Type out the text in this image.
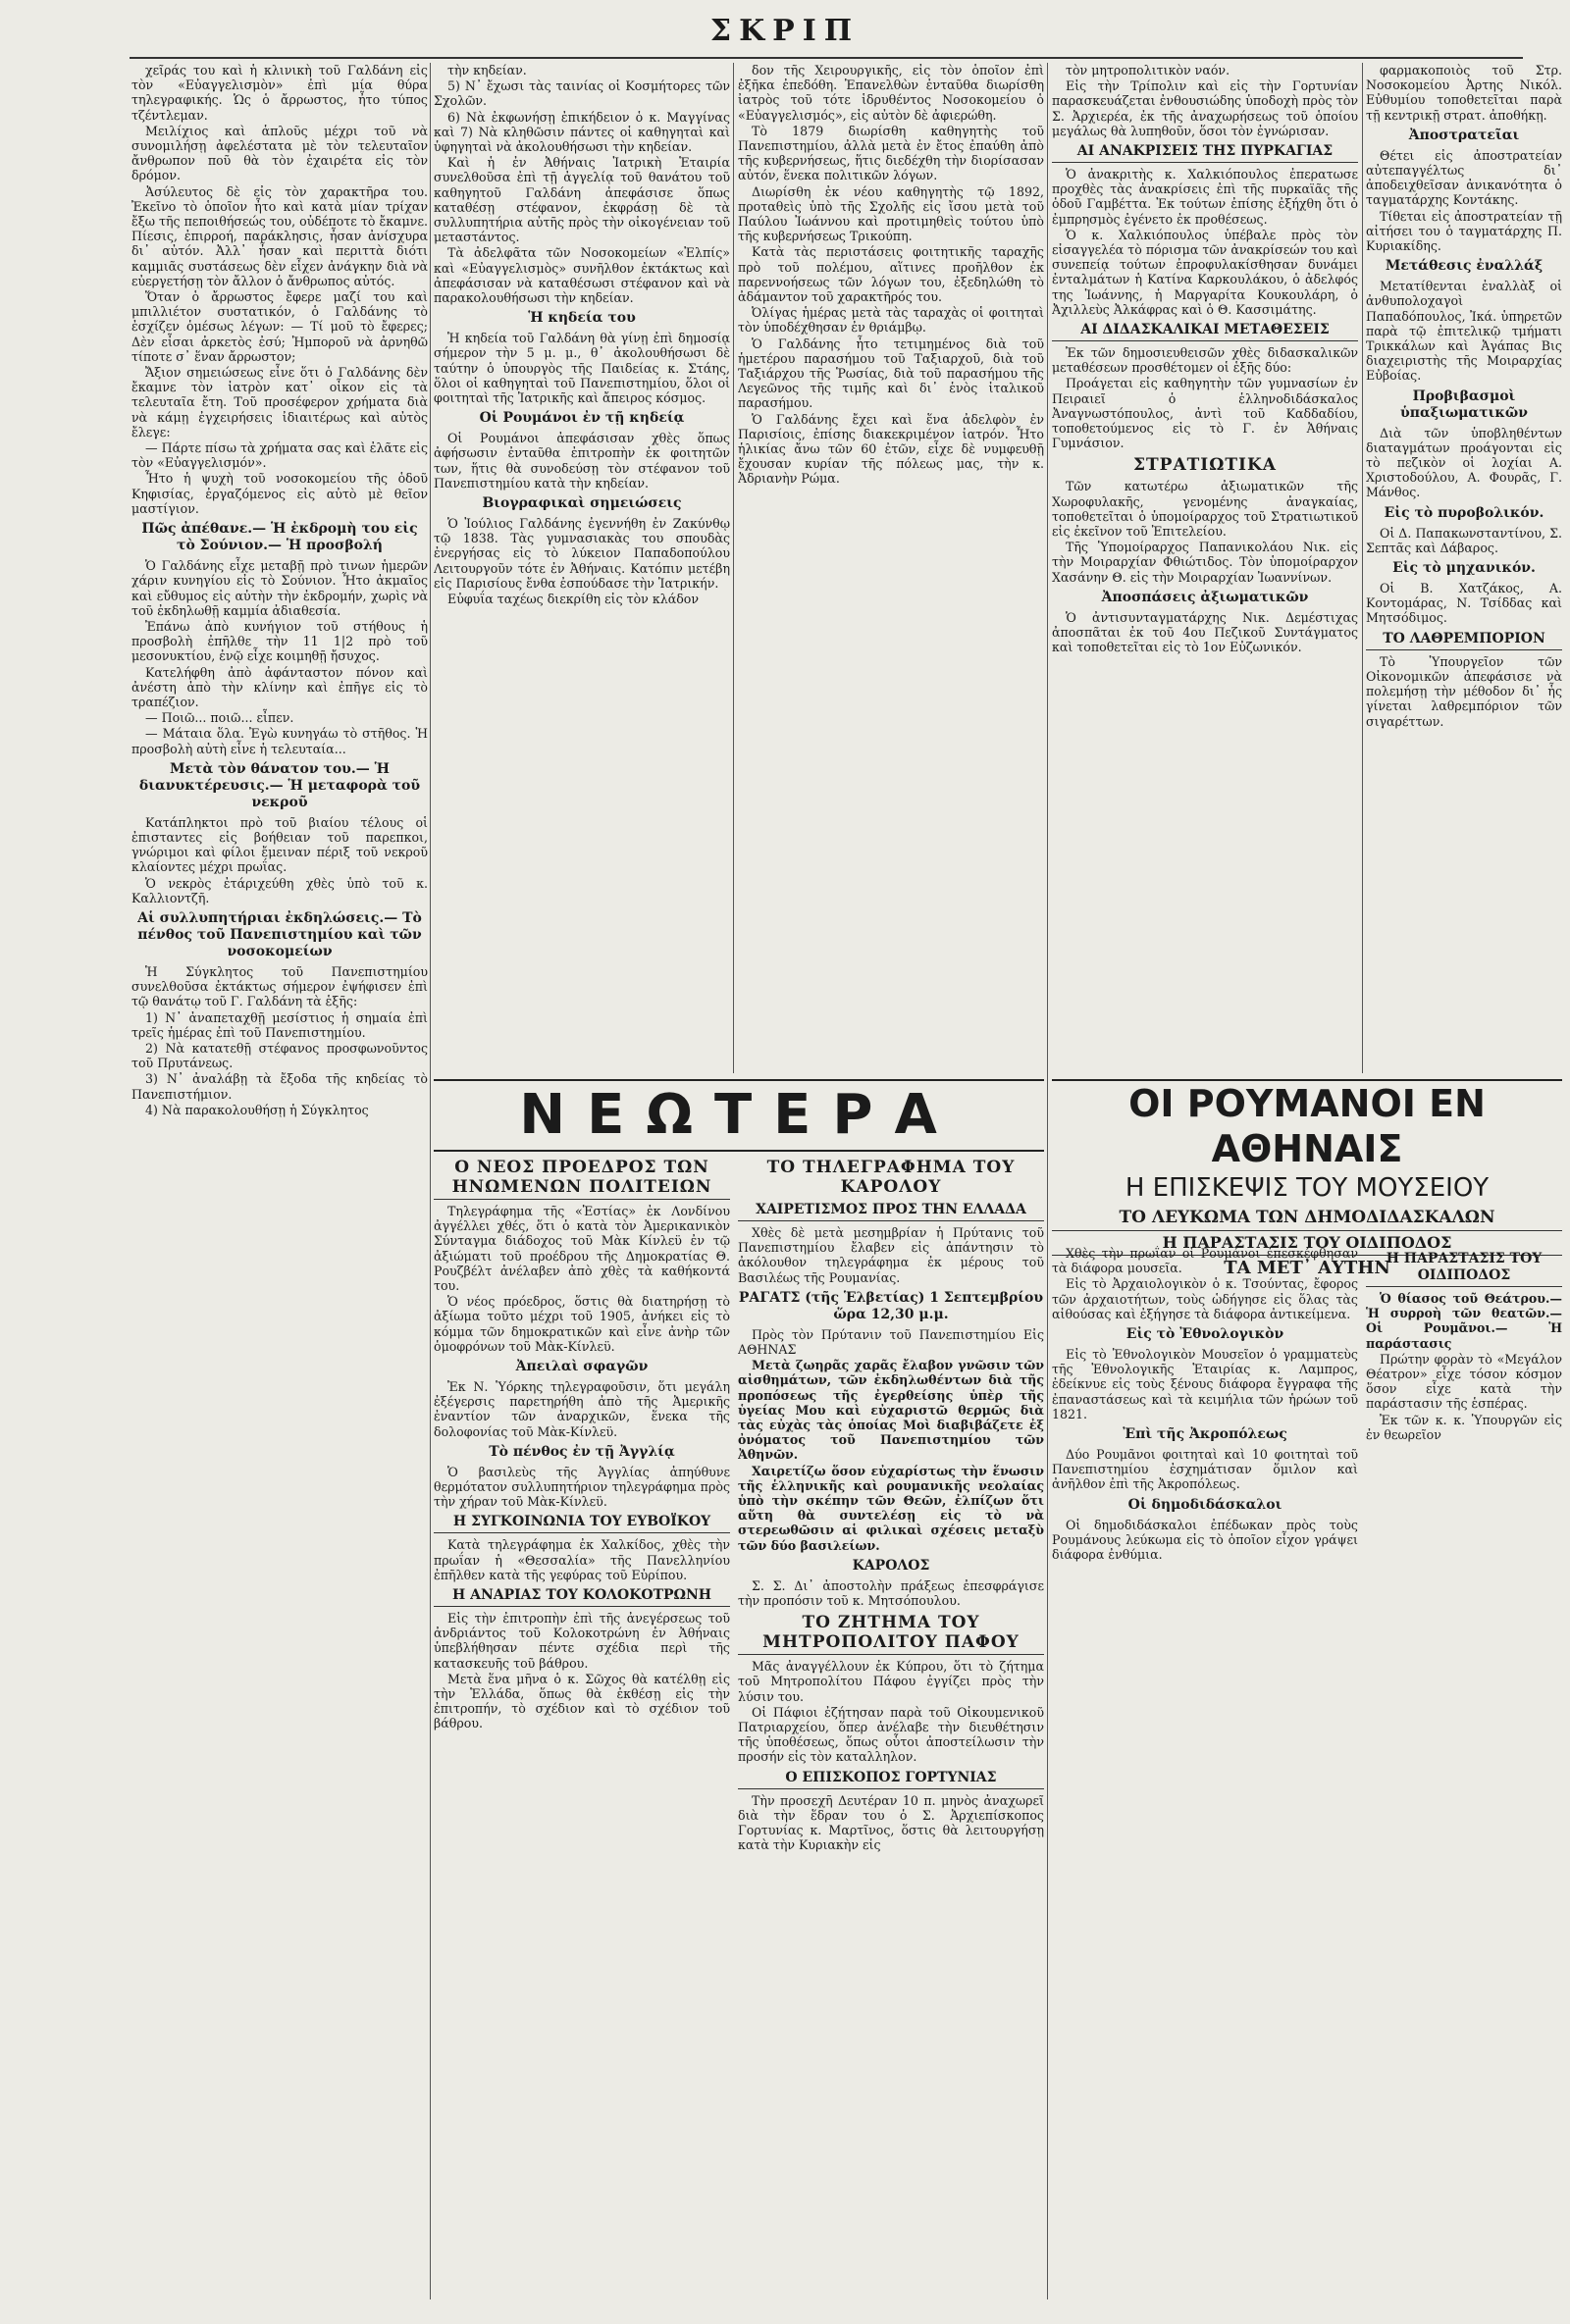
ΣΚΡΙΠ

χεῖράς του καὶ ἡ κλινικὴ τοῦ Γαλδάνη εἰς τὸν «Εὐαγγελισμὸν» ἐπὶ μία θύρα τηλεγραφικής. Ὡς ὁ ἄρρωστος, ἦτο τύπος τζέντλεμαν.

Μειλίχιος καὶ ἁπλοῦς μέχρι τοῦ νὰ συνομιλήσῃ ἀφελέστατα μὲ τὸν τελευταῖον ἄνθρωπον ποῦ θὰ τὸν ἐχαιρέτα εἰς τὸν δρόμον.

Ἀσύλευτος δὲ εἰς τὸν χαρακτῆρα του. Ἐκεῖνο τὸ ὁποῖον ἦτο καὶ κατὰ μίαν τρίχαν ἔξω τῆς πεποιθήσεώς του, οὐδέποτε τὸ ἔκαμνε. Πίεσις, ἐπιρροή, παράκλησις, ἦσαν ἀνίσχυρα δι᾽ αὐτόν. Ἀλλ᾽ ἦσαν καὶ περιττὰ διότι καμμιᾶς συστάσεως δὲν εἶχεν ἀνάγκην διὰ νὰ εὐεργετήσῃ τὸν ἄλλον ὁ ἄνθρωπος αὐτός.

Ὅταν ὁ ἄρρωστος ἔφερε μαζί του καὶ μπιλλιέτον συστατικόν, ὁ Γαλδάνης τὸ ἐσχίζεν ὁμέσως λέγων: — Τί μοῦ τὸ ἔφερες; Δὲν εἶσαι ἀρκετὸς ἐσύ; Ἠμποροῦ νὰ ἀρνηθῶ τίποτε σ᾽ ἕναν ἄρρωστον;

Ἄξιον σημειώσεως εἶνε ὅτι ὁ Γαλδάνης δὲν ἔκαμνε τὸν ἰατρὸν κατ᾽ οἶκον εἰς τὰ τελευταῖα ἔτη. Τοῦ προσέφερον χρήματα διὰ νὰ κάμῃ ἐγχειρήσεις ἰδιαιτέρως καὶ αὐτὸς ἔλεγε:

— Πάρτε πίσω τὰ χρήματα σας καὶ ἐλᾶτε εἰς τὸν «Εὐαγγελισμόν».

Ἦτο ἡ ψυχὴ τοῦ νοσοκομείου τῆς ὁδοῦ Κηφισίας, ἐργαζόμενος εἰς αὐτὸ μὲ θεῖον μαστίγιον.

Πῶς ἀπέθανε.— Ἡ ἐκδρομὴ του εἰς τὸ Σούνιον.— Ἡ προσβολή

Ὁ Γαλδάνης εἶχε μεταβῇ πρὸ τινων ἡμερῶν χάριν κυνηγίου εἰς τὸ Σούνιον. Ἦτο ἀκμαῖος καὶ εὔθυμος εἰς αὐτὴν τὴν ἐκδρομήν, χωρὶς νὰ τοῦ ἐκδηλωθῇ καμμία ἀδιαθεσία.

Ἐπάνω ἀπὸ κυνήγιον τοῦ στήθους ἡ προσβολὴ ἐπῆλθε τὴν 11 1|2 πρὸ τοῦ μεσονυκτίου, ἐνῷ εἶχε κοιμηθῇ ἤσυχος.

Κατελήφθη ἀπὸ ἀφάνταστον πόνον καὶ ἀνέστη ἀπὸ τὴν κλίνην καὶ ἐπῆγε εἰς τὸ τραπέζιον.

— Ποιῶ... ποιῶ... εἶπεν.

— Μάταια ὅλα. Ἐγὼ κυνηγάω τὸ στῆθος. Ἡ προσβολὴ αὐτὴ εἶνε ἡ τελευταία...

Μετὰ τὸν θάνατον του.— Ἡ διανυκτέρευσις.— Ἡ μεταφορὰ τοῦ νεκροῦ

Κατάπληκτοι πρὸ τοῦ βιαίου τέλους οἱ ἐπισταντες εἰς βοήθειαν τοῦ παρεπκοι, γνώριμοι καὶ φίλοι ἔμειναν πέριξ τοῦ νεκροῦ κλαίοντες μέχρι πρωΐας.

Ὁ νεκρὸς ἐτάριχεύθη χθὲς ὑπὸ τοῦ κ. Καλλιοντζῆ.

Αἱ συλλυπητήριαι ἐκδηλώσεις.— Τὸ πένθος τοῦ Πανεπιστημίου καὶ τῶν νοσοκομείων

Ἡ Σύγκλητος τοῦ Πανεπιστημίου συνελθοῦσα ἐκτάκτως σήμερον ἐψήφισεν ἐπὶ τῷ θανάτῳ τοῦ Γ. Γαλδάνη τὰ ἑξῆς:

1) Ν᾽ ἀναπεταχθῇ μεσίστιος ἡ σημαία ἐπὶ τρεῖς ἡμέρας ἐπὶ τοῦ Πανεπιστημίου.

2) Νὰ κατατεθῇ στέφανος προσφωνοῦντος τοῦ Πρυτάνεως.

3) Ν᾽ ἀναλάβῃ τὰ ἔξοδα τῆς κηδείας τὸ Πανεπιστήμιον.

4) Νὰ παρακολουθήσῃ ἡ Σύγκλητος

τὴν κηδείαν.

5) Ν᾽ ἔχωσι τὰς ταινίας οἱ Κοσμήτορες τῶν Σχολῶν.

6) Νὰ ἐκφωνήσῃ ἐπικήδειον ὁ κ. Μαγγίνας καὶ 7) Νὰ κληθῶσιν πάντες οἱ καθηγηταὶ καὶ ὑφηγηταὶ νὰ ἀκολουθήσωσι τὴν κηδείαν.

Καὶ ἡ ἐν Ἀθήναις Ἰατρικὴ Ἑταιρία συνελθοῦσα ἐπὶ τῇ ἀγγελίᾳ τοῦ θανάτου τοῦ καθηγητοῦ Γαλδάνη ἀπεφάσισε ὅπως καταθέσῃ στέφανον, ἐκφράσῃ δὲ τὰ συλλυπητήρια αὐτῆς πρὸς τὴν οἰκογένειαν τοῦ μεταστάντος.

Τὰ ἀδελφᾶτα τῶν Νοσοκομείων «Ἐλπίς» καὶ «Εὐαγγελισμὸς» συνῆλθον ἐκτάκτως καὶ ἀπεφάσισαν νὰ καταθέσωσι στέφανον καὶ νὰ παρακολουθήσωσι τὴν κηδείαν.

Ἡ κηδεία του

Ἡ κηδεία τοῦ Γαλδάνη θὰ γίνῃ ἐπὶ δημοσίᾳ σήμερον τὴν 5 μ. μ., θ᾽ ἀκολουθήσωσι δὲ ταύτην ὁ ὑπουργὸς τῆς Παιδείας κ. Στάης, ὅλοι οἱ καθηγηταὶ τοῦ Πανεπιστημίου, ὅλοι οἱ φοιτηταὶ τῆς Ἰατρικῆς καὶ ἄπειρος κόσμος.

Οἱ Ρουμάνοι ἐν τῇ κηδείᾳ

Οἱ Ρουμάνοι ἀπεφάσισαν χθὲς ὅπως ἀφήσωσιν ἐνταῦθα ἐπιτροπὴν ἐκ φοιτητῶν των, ἥτις θὰ συνοδεύσῃ τὸν στέφανον τοῦ Πανεπιστημίου κατὰ τὴν κηδείαν.

Βιογραφικαὶ σημειώσεις

Ὁ Ἰούλιος Γαλδάνης ἐγεννήθη ἐν Ζακύνθῳ τῷ 1838. Τὰς γυμνασιακὰς του σπουδὰς ἐνεργήσας εἰς τὸ λύκειον Παπαδοπούλου Λειτουργοῦν τότε ἐν Ἀθήναις. Κατόπιν μετέβη εἰς Παρισίους ἔνθα ἐσπούδασε τὴν Ἰατρικήν.

Εὐφυΐα ταχέως διεκρίθη εἰς τὸν κλάδον

δον τῆς Χειρουργικῆς, εἰς τὸν ὁποῖον ἐπὶ ἐξῆκα ἐπεδόθη. Ἐπανελθὼν ἐνταῦθα διωρίσθη ἰατρὸς τοῦ τότε ἱδρυθέντος Νοσοκομείου ὁ «Εὐαγγελισμός», εἰς αὐτὸν δὲ ἀφιερώθη.

Τὸ 1879 διωρίσθη καθηγητὴς τοῦ Πανεπιστημίου, ἀλλὰ μετὰ ἐν ἔτος ἐπαύθη ἀπὸ τῆς κυβερνήσεως, ἥτις διεδέχθη τὴν διορίσασαν αὐτόν, ἕνεκα πολιτικῶν λόγων.

Διωρίσθη ἐκ νέου καθηγητὴς τῷ 1892, προταθεὶς ὑπὸ τῆς Σχολῆς εἰς ἴσου μετὰ τοῦ Παύλου Ἰωάννου καὶ προτιμηθεὶς τούτου ὑπὸ τῆς κυβερνήσεως Τρικούπη.

Κατὰ τὰς περιστάσεις φοιτητικῆς ταραχῆς πρὸ τοῦ πολέμου, αἵτινες προῆλθον ἐκ παρεννοήσεως τῶν λόγων του, ἐξεδηλώθη τὸ ἀδάμαντον τοῦ χαρακτῆρός του.

Ὀλίγας ἡμέρας μετὰ τὰς ταραχὰς οἱ φοιτηταὶ τὸν ὑποδέχθησαν ἐν θριάμβῳ.

Ὁ Γαλδάνης ἦτο τετιμημένος διὰ τοῦ ἡμετέρου παρασήμου τοῦ Ταξιαρχοῦ, διὰ τοῦ Ταξιάρχου τῆς Ῥωσίας, διὰ τοῦ παρασήμου τῆς Λεγεῶνος τῆς τιμῆς καὶ δι᾽ ἑνὸς ἰταλικοῦ παρασήμου.

Ὁ Γαλδάνης ἔχει καὶ ἕνα ἀδελφὸν ἐν Παρισίοις, ἐπίσης διακεκριμένον ἰατρόν. Ἦτο ἡλικίας ἄνω τῶν 60 ἐτῶν, εἶχε δὲ νυμφευθῇ ἔχουσαν κυρίαν τῆς πόλεως μας, τὴν κ. Ἀδριανὴν Ρώμα.

τὸν μητροπολιτικὸν ναόν.

Εἰς τὴν Τρίπολιν καὶ εἰς τὴν Γορτυνίαν παρασκευάζεται ἐνθουσιώδης ὑποδοχὴ πρὸς τὸν Σ. Ἀρχιερέα, ἐκ τῆς ἀναχωρήσεως τοῦ ὁποίου μεγάλως θὰ λυπηθοῦν, ὅσοι τὸν ἐγνώρισαν.

ΑΙ ΑΝΑΚΡΙΣΕΙΣ ΤΗΣ ΠΥΡΚΑΓΙΑΣ

Ὁ ἀνακριτὴς κ. Χαλκιόπουλος ἐπερατωσε προχθὲς τὰς ἀνακρίσεις ἐπὶ τῆς πυρκαϊᾶς τῆς ὁδοῦ Γαμβέττα. Ἐκ τούτων ἐπίσης ἐξήχθη ὅτι ὁ ἐμπρησμὸς ἐγένετο ἐκ προθέσεως.

Ὁ κ. Χαλκιόπουλος ὑπέβαλε πρὸς τὸν εἰσαγγελέα τὸ πόρισμα τῶν ἀνακρίσεών του καὶ συνεπείᾳ τούτων ἐπροφυλακίσθησαν δυνάμει ἐνταλμάτων ἡ Κατίνα Καρκουλάκου, ὁ ἀδελφός της Ἰωάννης, ἡ Μαργαρίτα Κουκουλάρη, ὁ Ἀχιλλεὺς Ἀλκάφρας καὶ ὁ Θ. Κασσιμάτης.

ΑΙ ΔΙΔΑΣΚΑΛΙΚΑΙ ΜΕΤΑΘΕΣΕΙΣ

Ἐκ τῶν δημοσιευθεισῶν χθὲς διδασκαλικῶν μεταθέσεων προσθέτομεν οἱ ἑξῆς δύο:

Προάγεται εἰς καθηγητὴν τῶν γυμνασίων ἐν Πειραιεῖ ὁ ἑλληνοδιδάσκαλος Ἀναγνωστόπουλος, ἀντὶ τοῦ Καδδαδίου, τοποθετούμενος εἰς τὸ Γ. ἐν Ἀθήναις Γυμνάσιον.

ΣΤΡΑΤΙΩΤΙΚΑ

Τῶν κατωτέρω ἀξιωματικῶν τῆς Χωροφυλακῆς, γενομένης ἀναγκαίας, τοποθετεῖται ὁ ὑπομοίραρχος τοῦ Στρατιωτικοῦ εἰς ἐκεῖνον τοῦ Ἐπιτελείου.

Τῆς Ὑπομοίραρχος Παπανικολάου Νικ. εἰς τὴν Μοιραρχίαν Φθιώτιδος. Τὸν ὑπομοίραρχον Χασάνην Θ. εἰς τὴν Μοιραρχίαν Ἰωαννίνων.

Ἀποσπάσεις ἀξιωματικῶν

Ὁ ἀντισυνταγματάρχης Νικ. Δεμέστιχας ἀποσπᾶται ἐκ τοῦ 4ου Πεζικοῦ Συντάγματος καὶ τοποθετεῖται εἰς τὸ 1ον Εὐζωνικόν.

φαρμακοποιὸς τοῦ Στρ. Νοσοκομείου Ἀρτης Νικόλ. Εὐθυμίου τοποθετεῖται παρὰ τῇ κεντρικῇ στρατ. ἀποθήκῃ.

Ἀποστρατεῖαι

Θέτει εἰς ἀποστρατείαν αὐτεπαγγέλτως δι᾽ ἀποδειχθεῖσαν ἀνικανότητα ὁ ταγματάρχης Κοντάκης.

Τίθεται εἰς ἀποστρατείαν τῇ αἰτήσει του ὁ ταγματάρχης Π. Κυριακίδης.

Μετάθεσις ἐναλλάξ

Μετατίθενται ἐναλλὰξ οἱ ἀνθυπολοχαγοὶ Παπαδόπουλος, Ἰκά. ὑπηρετῶν παρὰ τῷ ἐπιτελικῷ τμήματι Τρικκάλων καὶ Ἀγάπας Βις διαχειριστὴς τῆς Μοιραρχίας Εὐβοίας.

Προβιβασμοὶ ὑπαξιωματικῶν

Διὰ τῶν ὑποβληθέντων διαταγμάτων προάγονται εἰς τὸ πεζικὸν οἱ λοχίαι Α. Χριστοδούλου, Α. Φουρᾶς, Γ. Μάνθος.

Εἰς τὸ πυροβολικόν.

Οἱ Δ. Παπακωνσταντίνου, Σ. Σεπτᾶς καὶ Δάβαρος.

Εἰς τὸ μηχανικόν.

Οἱ Β. Χατζάκος, Α. Κοντομάρας, Ν. Τσίδδας καὶ Μητσόδιμος.

ΤΟ ΛΑΘΡΕΜΠΟΡΙΟΝ

Τὸ Ὑπουργεῖον τῶν Οἰκονομικῶν ἀπεφάσισε νὰ πολεμήσῃ τὴν μέθοδον δι᾽ ἧς γίνεται λαθρεμπόριον τῶν σιγαρέττων.

ΝΕΩΤΕΡΑ
Ο ΝΕΟΣ ΠΡΟΕΔΡΟΣ ΤΩΝ ΗΝΩΜΕΝΩΝ ΠΟΛΙΤΕΙΩΝ

Τηλεγράφημα τῆς «Ἑστίας» ἐκ Λονδίνου ἀγγέλλει χθές, ὅτι ὁ κατὰ τὸν Ἀμερικανικὸν Σύνταγμα διάδοχος τοῦ Μὰκ Κίνλεϋ ἐν τῷ ἀξιώματι τοῦ προέδρου τῆς Δημοκρατίας Θ. Ρουζβέλτ ἀνέλαβεν ἀπὸ χθὲς τὰ καθήκοντά του.

Ὁ νέος πρόεδρος, ὅστις θὰ διατηρήσῃ τὸ ἀξίωμα τοῦτο μέχρι τοῦ 1905, ἀνήκει εἰς τὸ κόμμα τῶν δημοκρατικῶν καὶ εἶνε ἀνὴρ τῶν ὁμοφρόνων τοῦ Μὰκ-Κίνλεϋ.

Ἀπειλαὶ σφαγῶν

Ἐκ Ν. Ὑόρκης τηλεγραφοῦσιν, ὅτι μεγάλη ἐξέγερσις παρετηρήθη ἀπὸ τῆς Ἀμερικῆς ἐναντίον τῶν ἀναρχικῶν, ἕνεκα τῆς δολοφονίας τοῦ Μὰκ-Κίνλεϋ.

Τὸ πένθος ἐν τῇ Ἀγγλίᾳ

Ὁ βασιλεὺς τῆς Ἀγγλίας ἀπηύθυνε θερμότατον συλλυπητήριον τηλεγράφημα πρὸς τὴν χήραν τοῦ Μὰκ-Κίνλεϋ.

Η ΣΥΓΚΟΙΝΩΝΙΑ ΤΟΥ ΕΥΒΟΪΚΟΥ

Κατὰ τηλεγράφημα ἐκ Χαλκίδος, χθὲς τὴν πρωΐαν ἡ «Θεσσαλία» τῆς Πανελληνίου ἐπῆλθεν κατὰ τῆς γεφύρας τοῦ Εὐρίπου.

Η ΑΝΑΡΙΑΣ ΤΟΥ ΚΟΛΟΚΟΤΡΩΝΗ

Εἰς τὴν ἐπιτροπὴν ἐπὶ τῆς ἀνεγέρσεως τοῦ ἀνδριάντος τοῦ Κολοκοτρώνη ἐν Ἀθήναις ὑπεβλήθησαν πέντε σχέδια περὶ τῆς κατασκευῆς τοῦ βάθρου.

Μετὰ ἕνα μῆνα ὁ κ. Σῶχος θὰ κατέλθῃ εἰς τὴν Ἑλλάδα, ὅπως θὰ ἐκθέσῃ εἰς τὴν ἐπιτροπήν, τὸ σχέδιον καὶ τὸ σχέδιον τοῦ βάθρου.

ΤΟ ΤΗΛΕΓΡΑΦΗΜΑ ΤΟΥ ΚΑΡΟΛΟΥ
ΧΑΙΡΕΤΙΣΜΟΣ ΠΡΟΣ ΤΗΝ ΕΛΛΑΔΑ

Χθὲς δὲ μετὰ μεσημβρίαν ἡ Πρύτανις τοῦ Πανεπιστημίου ἔλαβεν εἰς ἀπάντησιν τὸ ἀκόλουθον τηλεγράφημα ἐκ μέρους τοῦ Βασιλέως τῆς Ρουμανίας.

ΡΑΓΑΤΣ (τῆς Ἑλβετίας) 1 Σεπτεμβρίου ὥρα 12,30 μ.μ.

Πρὸς τὸν Πρύτανιν τοῦ Πανεπιστημίου Εἰς ΑΘΗΝΑΣ

Μετὰ ζωηρᾶς χαρᾶς ἔλαβον γνῶσιν τῶν αἰσθημάτων, τῶν ἐκδηλωθέντων διὰ τῆς προπόσεως τῆς ἐγερθείσης ὑπὲρ τῆς ὑγείας Μου καὶ εὐχαριστῶ θερμῶς διὰ τὰς εὐχὰς τὰς ὁποίας Μοὶ διαβιβάζετε ἐξ ὀνόματος τοῦ Πανεπιστημίου τῶν Ἀθηνῶν.

Χαιρετίζω ὅσον εὐχαρίστως τὴν ἕνωσιν τῆς ἑλληνικῆς καὶ ρουμανικῆς νεολαίας ὑπὸ τὴν σκέπην τῶν Θεῶν, ἐλπίζων ὅτι αὕτη θὰ συντελέσῃ εἰς τὸ νὰ στερεωθῶσιν αἱ φιλικαὶ σχέσεις μεταξὺ τῶν δύο βασιλείων.

ΚΑΡΟΛΟΣ

Σ. Σ. Δι᾽ ἀποστολὴν πράξεως ἐπεσφράγισε τὴν προπόσιν τοῦ κ. Μητσόπουλου.

ΤΟ ΖΗΤΗΜΑ ΤΟΥ ΜΗΤΡΟΠΟΛΙΤΟΥ ΠΑΦΟΥ

Μᾶς ἀναγγέλλουν ἐκ Κύπρου, ὅτι τὸ ζήτημα τοῦ Μητροπολίτου Πάφου ἐγγίζει πρὸς τὴν λύσιν του.

Οἱ Πάφιοι ἐζήτησαν παρὰ τοῦ Οἰκουμενικοῦ Πατριαρχείου, ὅπερ ἀνέλαβε τὴν διευθέτησιν τῆς ὑποθέσεως, ὅπως οὗτοι ἀποστείλωσιν τὴν προσήν εἰς τὸν καταλληλον.

Ο ΕΠΙΣΚΟΠΟΣ ΓΟΡΤΥΝΙΑΣ

Τὴν προσεχῆ Δευτέραν 10 π. μηνὸς ἀναχωρεῖ διὰ τὴν ἕδραν του ὁ Σ. Ἀρχιεπίσκοπος Γορτυνίας κ. Μαρτῖνος, ὅστις θὰ λειτουργήσῃ κατὰ τὴν Κυριακὴν εἰς

ΟΙ ΡΟΥΜΑΝΟΙ ΕΝ ΑΘΗΝΑΙΣ
Η ΕΠΙΣΚΕΨΙΣ ΤΟΥ ΜΟΥΣΕΙΟΥ
ΤΟ ΛΕΥΚΩΜΑ ΤΩΝ ΔΗΜΟΔΙΔΑΣΚΑΛΩΝ
Η ΠΑΡΑΣΤΑΣΙΣ ΤΟΥ ΟΙΔΙΠΟΔΟΣ
ΤΑ ΜΕΤ᾽ ΑΥΤΗΝ

Χθὲς τὴν πρωΐαν οἱ Ρουμάνοι ἐπεσκέφθησαν τὰ διάφορα μουσεῖα.

Εἰς τὸ Ἀρχαιολογικὸν ὁ κ. Τσούντας, ἔφορος τῶν ἀρχαιοτήτων, τοὺς ὡδήγησε εἰς ὅλας τὰς αἰθούσας καὶ ἐξήγησε τὰ διάφορα ἀντικείμενα.

Εἰς τὸ Ἐθνολογικὸν

Εἰς τὸ Ἐθνολογικὸν Μουσεῖον ὁ γραμματεὺς τῆς Ἐθνολογικῆς Ἑταιρίας κ. Λαμπρος, ἐδείκνυε εἰς τοὺς ξένους διάφορα ἔγγραφα τῆς ἐπαναστάσεως καὶ τὰ κειμήλια τῶν ἡρώων τοῦ 1821.

Ἐπὶ τῆς Ἀκροπόλεως

Δύο Ρουμᾶνοι φοιτηταὶ καὶ 10 φοιτηταὶ τοῦ Πανεπιστημίου ἐσχημάτισαν ὅμιλον καὶ ἀνῆλθον ἐπὶ τῆς Ἀκροπόλεως.

Οἱ δημοδιδάσκαλοι

Οἱ δημοδιδάσκαλοι ἐπέδωκαν πρὸς τοὺς Ρουμάνους λεύκωμα εἰς τὸ ὁποῖον εἶχον γράψει διάφορα ἐνθύμια.

Η ΠΑΡΑΣΤΑΣΙΣ ΤΟΥ ΟΙΔΙΠΟΔΟΣ

Ὁ θίασος τοῦ Θεάτρου.— Ἡ συρροὴ τῶν θεατῶν.— Οἱ Ρουμᾶνοι.— Ἡ παράστασις

Πρώτην φορὰν τὸ «Μεγάλον Θέατρον» εἶχε τόσον κόσμον ὅσον εἶχε κατὰ τὴν παράστασιν τῆς ἑσπέρας.

Ἐκ τῶν κ. κ. Ὑπουργῶν εἰς ἐν θεωρεῖον
